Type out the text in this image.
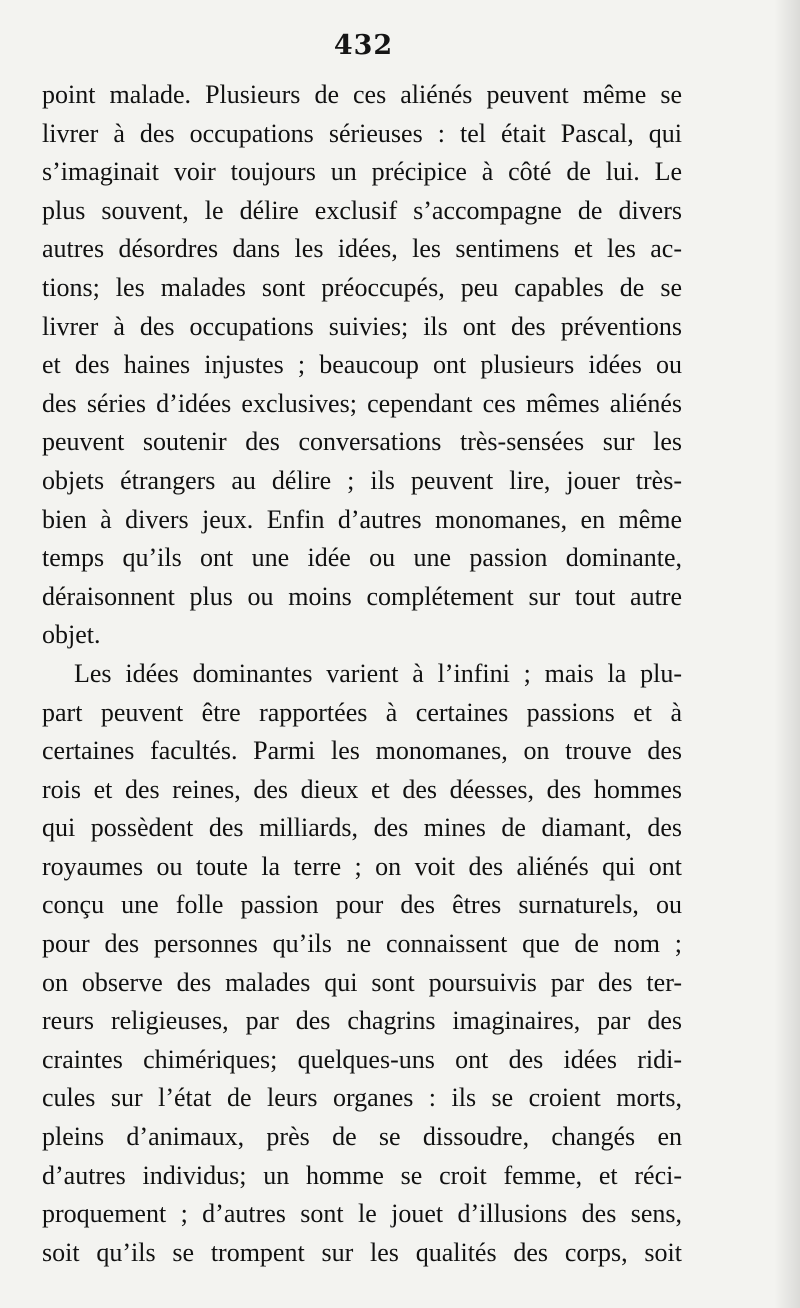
432
point malade. Plusieurs de ces aliénés peuvent même se
livrer à des occupations sérieuses : tel était Pascal, qui
s’imaginait voir toujours un précipice à côté de lui. Le
plus souvent, le délire exclusif s’accompagne de divers
autres désordres dans les idées, les sentimens et les ac-
tions; les malades sont préoccupés, peu capables de se
livrer à des occupations suivies; ils ont des préventions
et des haines injustes ; beaucoup ont plusieurs idées ou
des séries d’idées exclusives; cependant ces mêmes aliénés
peuvent soutenir des conversations très-sensées sur les
objets étrangers au délire ; ils peuvent lire, jouer très-
bien à divers jeux. Enfin d’autres monomanes, en même
temps qu’ils ont une idée ou une passion dominante,
déraisonnent plus ou moins complétement sur tout autre
objet.
Les idées dominantes varient à l’infini ; mais la plu-
part peuvent être rapportées à certaines passions et à
certaines facultés. Parmi les monomanes, on trouve des
rois et des reines, des dieux et des déesses, des hommes
qui possèdent des milliards, des mines de diamant, des
royaumes ou toute la terre ; on voit des aliénés qui ont
conçu une folle passion pour des êtres surnaturels, ou
pour des personnes qu’ils ne connaissent que de nom ;
on observe des malades qui sont poursuivis par des ter-
reurs religieuses, par des chagrins imaginaires, par des
craintes chimériques; quelques-uns ont des idées ridi-
cules sur l’état de leurs organes : ils se croient morts,
pleins d’animaux, près de se dissoudre, changés en
d’autres individus; un homme se croit femme, et réci-
proquement ; d’autres sont le jouet d’illusions des sens,
soit qu’ils se trompent sur les qualités des corps, soit
